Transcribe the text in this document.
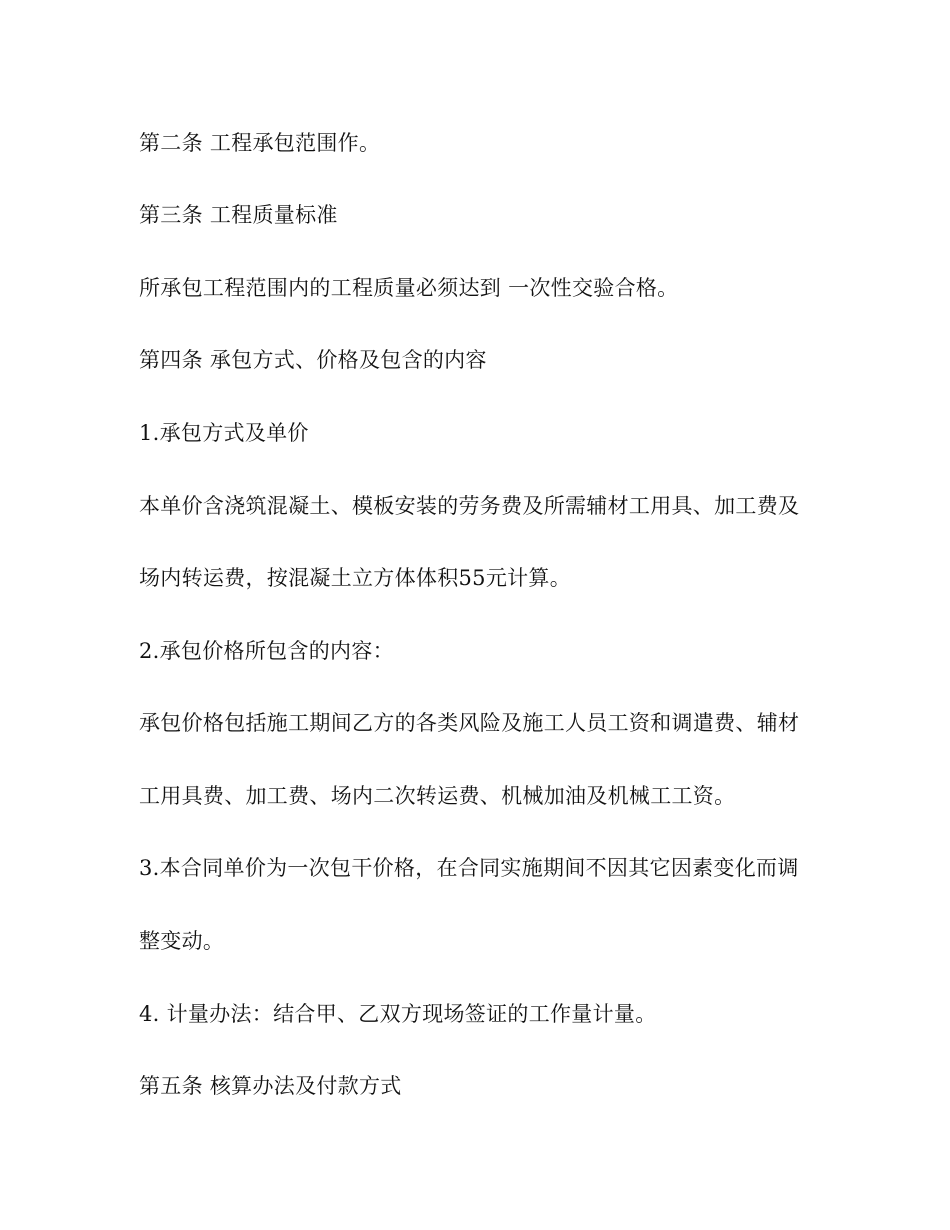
第二条 工程承包范围作。

第三条 工程质量标准

所承包工程范围内的工程质量必须达到 一次性交验合格。

第四条 承包方式、价格及包含的内容

1.承包方式及单价

本单价含浇筑混凝土、模板安装的劳务费及所需辅材工用具、加工费及

场内转运费，按混凝土立方体体积55元计算。

2.承包价格所包含的内容：

承包价格包括施工期间乙方的各类风险及施工人员工资和调遣费、辅材

工用具费、加工费、场内二次转运费、机械加油及机械工工资。

3.本合同单价为一次包干价格，在合同实施期间不因其它因素变化而调

整变动。

4. 计量办法：结合甲、乙双方现场签证的工作量计量。

第五条 核算办法及付款方式
